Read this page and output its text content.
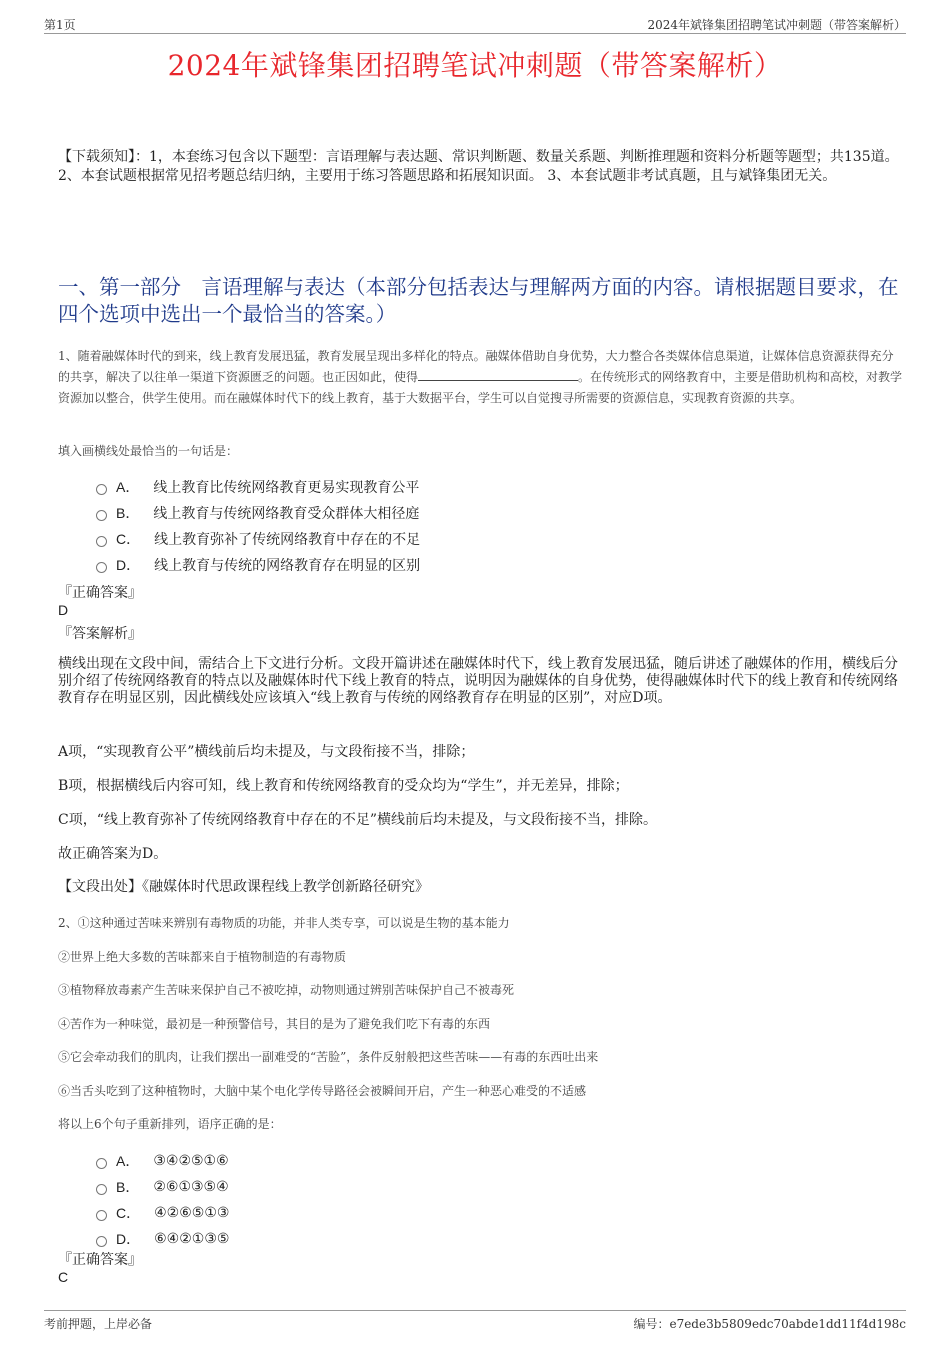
第1页	2024年斌锋集团招聘笔试冲刺题（带答案解析）
2024年斌锋集团招聘笔试冲刺题（带答案解析）
【下载须知】：1，本套练习包含以下题型：言语理解与表达题、常识判断题、数量关系题、判断推理题和资料分析题等题型；共135道。 2、本套试题根据常见招考题总结归纳，主要用于练习答题思路和拓展知识面。 3、本套试题非考试真题，且与斌锋集团无关。
一、第一部分　言语理解与表达（本部分包括表达与理解两方面的内容。请根据题目要求，在四个选项中选出一个最恰当的答案。）
1、随着融媒体时代的到来，线上教育发展迅猛，教育发展呈现出多样化的特点。融媒体借助自身优势，大力整合各类媒体信息渠道，让媒体信息资源获得充分的共享，解决了以往单一渠道下资源匮乏的问题。也正因如此，使得	。在传统形式的网络教育中，主要是借助机构和高校，对教学资源加以整合，供学生使用。而在融媒体时代下的线上教育，基于大数据平台，学生可以自觉搜寻所需要的资源信息，实现教育资源的共享。
填入画横线处最恰当的一句话是：
A． 线上教育比传统网络教育更易实现教育公平
B． 线上教育与传统网络教育受众群体大相径庭
C． 线上教育弥补了传统网络教育中存在的不足
D． 线上教育与传统的网络教育存在明显的区别
『正确答案』
D
『答案解析』
横线出现在文段中间，需结合上下文进行分析。文段开篇讲述在融媒体时代下，线上教育发展迅猛，随后讲述了融媒体的作用，横线后分别介绍了传统网络教育的特点以及融媒体时代下线上教育的特点，说明因为融媒体的自身优势，使得融媒体时代下的线上教育和传统网络教育存在明显区别，因此横线处应该填入“线上教育与传统的网络教育存在明显的区别”，对应D项。
A项，“实现教育公平”横线前后均未提及，与文段衔接不当，排除；
B项，根据横线后内容可知，线上教育和传统网络教育的受众均为“学生”，并无差异，排除；
C项，“线上教育弥补了传统网络教育中存在的不足”横线前后均未提及，与文段衔接不当，排除。
故正确答案为D。
【文段出处】《融媒体时代思政课程线上教学创新路径研究》
2、①这种通过苦味来辨别有毒物质的功能，并非人类专享，可以说是生物的基本能力
②世界上绝大多数的苦味都来自于植物制造的有毒物质
③植物释放毒素产生苦味来保护自己不被吃掉，动物则通过辨别苦味保护自己不被毒死
④苦作为一种味觉，最初是一种预警信号，其目的是为了避免我们吃下有毒的东西
⑤它会牵动我们的肌肉，让我们摆出一副难受的“苦脸”，条件反射般把这些苦味——有毒的东西吐出来
⑥当舌头吃到了这种植物时，大脑中某个电化学传导路径会被瞬间开启，产生一种恶心难受的不适感
将以上6个句子重新排列，语序正确的是：
A． ③④②⑤①⑥
B． ②⑥①③⑤④
C． ④②⑥⑤①③
D． ⑥④②①③⑤
『正确答案』
C
考前押题，上岸必备	编号：e7ede3b5809edc70abde1dd11f4d198c
